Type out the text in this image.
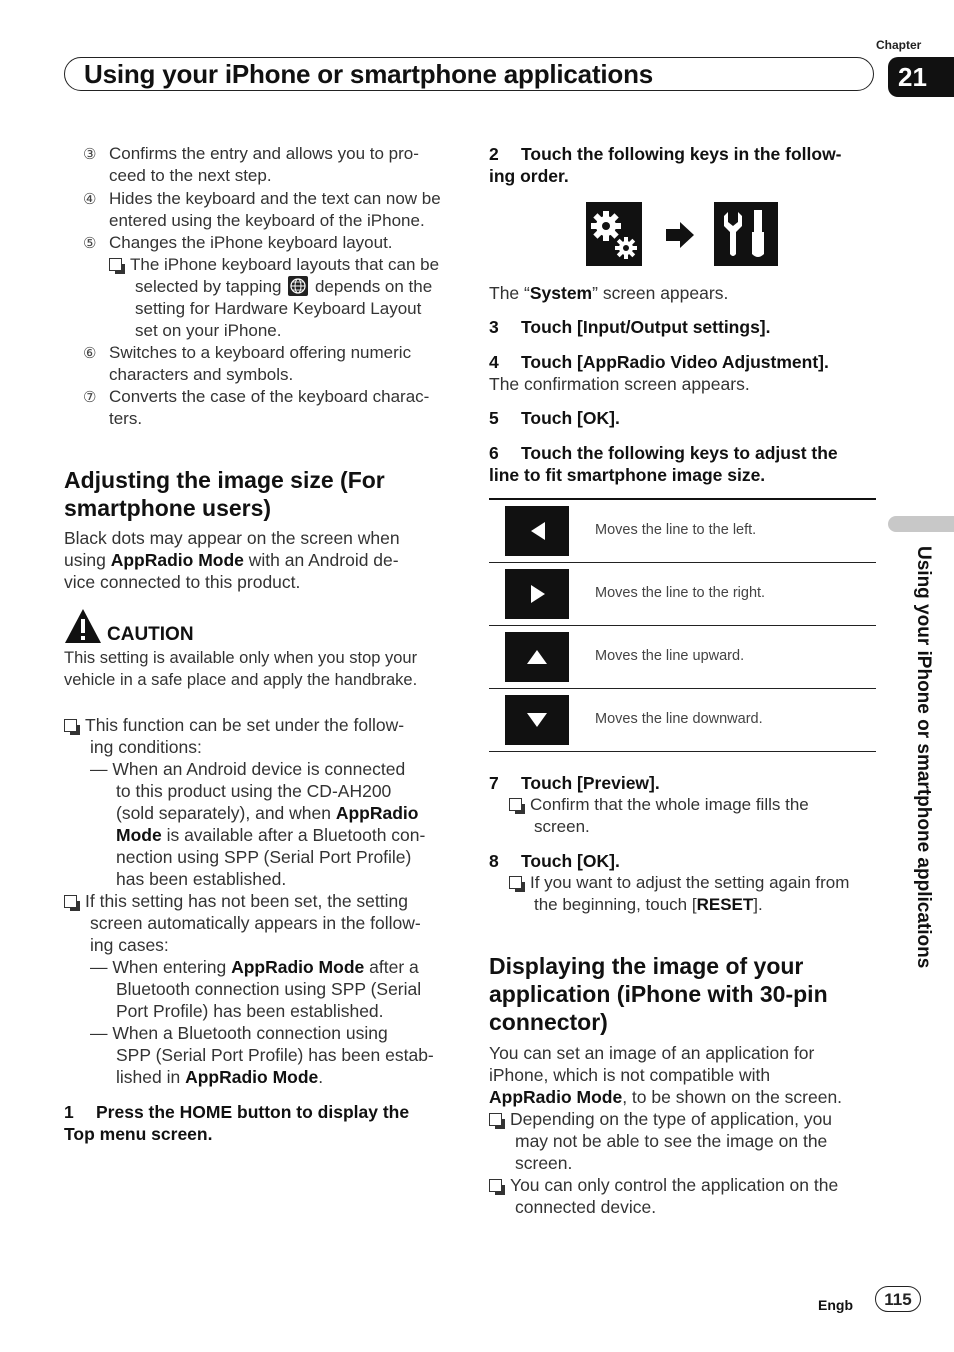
Chapter
Using your iPhone or smartphone applications	21
Using your iPhone or smartphone applications
③ Confirms the entry and allows you to pro-
ceed to the next step.
④ Hides the keyboard and the text can now be
entered using the keyboard of the iPhone.
⑤ Changes the iPhone keyboard layout.
The iPhone keyboard layouts that can be
selected by tapping depends on the
setting for Hardware Keyboard Layout
set on your iPhone.
⑥ Switches to a keyboard offering numeric
characters and symbols.
⑦ Converts the case of the keyboard charac-
ters.
Adjusting the image size (For
smartphone users)
Black dots may appear on the screen when
using AppRadio Mode with an Android de-
vice connected to this product.
CAUTION
This setting is available only when you stop your
vehicle in a safe place and apply the handbrake.
This function can be set under the follow-
ing conditions:
— When an Android device is connected
to this product using the CD-AH200
(sold separately), and when AppRadio
Mode is available after a Bluetooth con-
nection using SPP (Serial Port Profile)
has been established.
If this setting has not been set, the setting
screen automatically appears in the follow-
ing cases:
— When entering AppRadio Mode after a
Bluetooth connection using SPP (Serial
Port Profile) has been established.
— When a Bluetooth connection using
SPP (Serial Port Profile) has been estab-
lished in AppRadio Mode.
1 Press the HOME button to display the
Top menu screen.
2 Touch the following keys in the follow-
ing order.
The “System” screen appears.
3 Touch [Input/Output settings].
4 Touch [AppRadio Video Adjustment].
The confirmation screen appears.
5 Touch [OK].
6 Touch the following keys to adjust the
line to fit smartphone image size.
Moves the line to the left.
Moves the line to the right.
Moves the line upward.
Moves the line downward.
7 Touch [Preview].
Confirm that the whole image fills the
screen.
8 Touch [OK].
If you want to adjust the setting again from
the beginning, touch [RESET].
Displaying the image of your
application (iPhone with 30-pin
connector)
You can set an image of an application for
iPhone, which is not compatible with
AppRadio Mode, to be shown on the screen.
Depending on the type of application, you
may not be able to see the image on the
screen.
You can only control the application on the
connected device.
Engb	115
